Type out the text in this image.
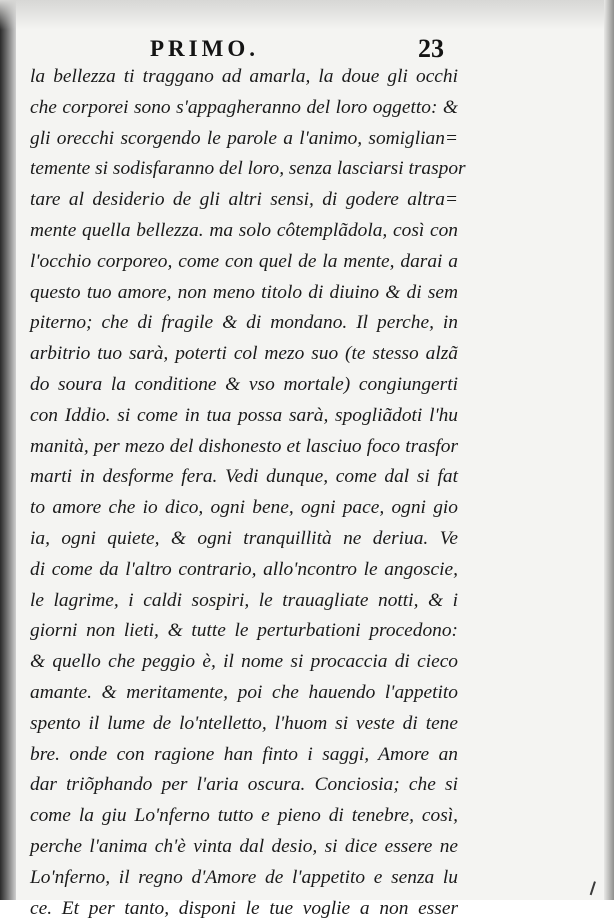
PRIMO.	23
la bellezza ti traggano ad amarla, la doue gli occhi
che corporei sono s'appagheranno del loro oggetto: &
gli orecchi scorgendo le parole a l'animo, somiglian=
temente si sodisfaranno del loro, senza lasciarsi traspor
tare al desiderio de gli altri sensi, di godere altra=
mente quella bellezza. ma solo côtemplãdola, così con
l'occhio corporeo, come con quel de la mente, darai a
questo tuo amore, non meno titolo di diuino & di sem
piterno; che di fragile & di mondano. Il perche, in
arbitrio tuo sarà, poterti col mezo suo (te stesso alzã
do soura la conditione & vso mortale) congiungerti
con Iddio. si come in tua possa sarà, spogliãdoti l'hu
manità, per mezo del dishonesto et lasciuo foco trasfor
marti in desforme fera. Vedi dunque, come dal si fat
to amore che io dico, ogni bene, ogni pace, ogni gio
ia, ogni quiete, & ogni tranquillità ne deriua. Ve
di come da l'altro contrario, allo'ncontro le angoscie,
le lagrime, i caldi sospiri, le trauagliate notti, & i
giorni non lieti, & tutte le perturbationi procedono:
& quello che peggio è, il nome si procaccia di cieco
amante. & meritamente, poi che hauendo l'appetito
spento il lume de lo'ntelletto, l'huom si veste di tene
bre. onde con ragione han finto i saggi, Amore an
dar triõphando per l'aria oscura. Conciosia; che si
come la giu Lo'nferno tutto e pieno di tenebre, così,
perche l'anima ch'è vinta dal desio, si dice essere ne
Lo'nferno, il regno d'Amore de l'appetito e senza lu
ce. Et per tanto, disponi le tue voglie a non esser
